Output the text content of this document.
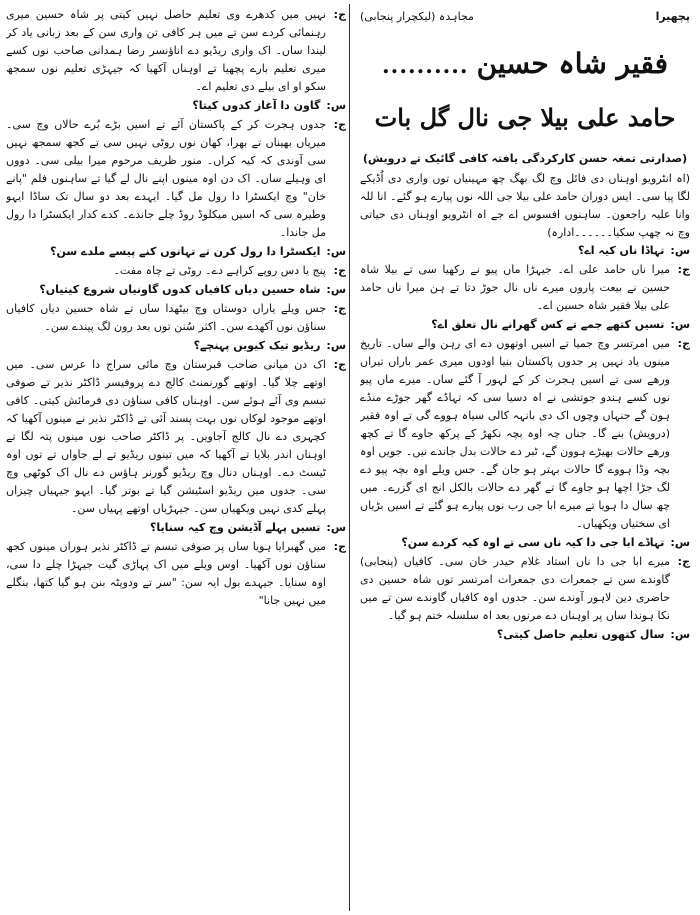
پچھیرا
مجاہدہ (لیکچرار پنجابی)
فقیر شاہ حسین..........
حامد علی بیلا جی نال گل بات
(صدارتی تمغہ حسن کارکردگی یافتہ کافی گائیک تے درویش)
(اہ انٹرویو اوہناں دی فائل وچ لگ بھگ چھ مہینیاں توں واری دی اُڈیکے لگا پیا سی۔ ایس دوران حامد علی بیلا جی اللہ نوں پیارے ہو گئے۔ انا للہ وانا علیہ راجعون۔ ساہنوں افسوس اے جے اہ انٹرویو اوہناں دی حیاتی وچ نہ چھپ سکیا۔۔۔۔۔۔ادارہ)

س:
تہاڈا ناں کیہ اے؟

ج:
میرا ناں حامد علی اے۔ جیہڑا ماں پیو نے رکھیا سی تے بیلا شاہ حسین نے بیعت پاروں میرے ناں نال جوڑ دتا تے ہن میرا ناں حامد علی بیلا فقیر شاہ حسین اے۔

س:
تسیں کتھے جمے تے کس گھرانے نال تعلق اے؟

ج:
میں امرتسر وچ جمیا تے اسیں اوتھوں دے ای رہن والے ساں۔ تاریخ مینوں یاد نہیں پر جدوں پاکستان بنیا اودوں میری عمر باراں تیراں ورھے سی تے اسیں ہجرت کر کے لہور آ گئے ساں۔ میرے ماں پیو نوں کسے ہندو جوتشی نے اہ دسیا سی کہ تہاڈے گھر جوڑے منڈے ہون گے جنہاں وچوں اک دی بانہہ کالی سیاہ ہووے گی تے اوہ فقیر (درویش) بنے گا۔ جناں چہ اوہ بچہ نکھڑ کے پرکھ جاوے گا تے کچھ ورھے حالات بھیڑے ہوون گے، ٹبر دے حالات بدل جاندے نیں۔ جویں اوہ بچہ وڈا ہووے گا حالات بہتر ہو جان گے۔ جس ویلے اوہ بچہ پیو دے لگ جڑا اچھا ہو جاوے گا تے گھر دے حالات بالکل انج ای گزرے۔ میں چھ سال دا ہویا تے میرے ابا جی رب نوں پیارے ہو گئے تے اسیں بڑیاں ای سختیاں ویکھیاں۔

س:
تہاڈے ابا جی دا کیہ ناں سی تے اوہ کیہ کردے سن؟

ج:
میرے ابا جی دا ناں استاد غلام حیدر خان سی۔ کافیاں (پنجابی) گاوندے سن تے جمعرات دی جمعرات امرتسر توں شاہ حسین دی حاضری دین لاہور آوندے سن۔ جدوں اوہ کافیاں گاوندے سن تے میں نکا ہوندا ساں پر اوہناں دے مرنوں بعد اہ سلسلہ ختم ہو گیا۔

س:
سال کتھوں تعلیم حاصل کیتی؟

ج:
نہیں میں کدھرے وی تعلیم حاصل نہیں کیتی پر شاہ حسین میری رہنمائی کردے سن تے میں ہر کافی تن واری سن کے بعد زبانی یاد کر لیندا ساں۔ اک واری ریڈیو دے اناؤنسر رضا ہمدانی صاحب نوں کسے میری تعلیم بارے پچھیا تے اوہناں آکھیا کہ جیہڑی تعلیم نوں سمجھ سکو او ای بیلے دی تعلیم اے۔

س:
گاون دا آغاز کدوں کیتا؟

ج:
جدوں ہجرت کر کے پاکستان آئے تے اسیں بڑے بُرے حالاں وچ سی۔ میریاں بھیناں تے بھرا، کھان نوں روٹی نہیں سی تے کجھ سمجھ نہیں سی آوندی کہ کیہ کراں۔ منور ظریف مرحوم میرا بیلی سی۔ دووں ای وہیلے ساں۔ اک دن اوہ مینوں اپنے نال لے گیا تے ساہنوں فلم "پانے خان" وچ ایکسٹرا دا رول مل گیا۔ ایہدے بعد دو سال تک ساڈا ایہو وطیرہ سی کہ اسیں میکلوڈ روڈ چلے جاندے۔ کدے کدار ایکسٹرا دا رول مل جاندا۔

س:
ایکسٹرا دا رول کرن تے تہانوں کنے پیسے ملدے سن؟

ج:
پنج یا دس روپے کراہے دے۔ روٹی تے چاہ مفت۔

س:
شاہ حسین دیاں کافیاں کدوں گاونیاں شروع کیتیاں؟

ج:
جس ویلے یاراں دوستاں وچ بیٹھدا ساں تے شاہ حسین دیاں کافیاں سناؤن نوں آکھدے سن۔ اکثر سُنن توں بعد رون لگ پیندے سن۔

س:
ریڈیو تیک کیویں پہنچے؟

ج:
اک دن میانی صاحب قبرستان وچ مائی سراج دا عرس سی۔ میں اوتھے چلا گیا۔ اوتھے گورنمنٹ کالج دے پروفیسر ڈاکٹر نذیر تے صوفی تبسم وی آئے ہوئے سن۔ اوہناں کافی سناؤن دی فرمائش کیتی۔ کافی اوتھے موجود لوکاں نوں بہت پسند آئی تے ڈاکٹر نذیر نے مینوں آکھیا کہ کچہری دے نال کالج آجاویں۔ پر ڈاکٹر صاحب نوں مینوں پتہ لگا تے اوہناں اندر بلایا تے آکھیا کہ میں تینوں ریڈیو تے لے جاواں تے توں اوہ ٹیسٹ دے۔ اوہناں دنال وچ ریڈیو گورنر ہاؤس دے نال اک کوٹھی وچ سی۔ جدوں میں ریڈیو اسٹیشن گیا تے بوتر گیا۔ ایہو جیہیاں چیزاں پہلے کدی نہیں ویکھیاں سن۔ جیہڑیاں اوتھے پہیاں سن۔

س:
تسیں پہلے آڈیشن وچ کیہ سنایا؟

ج:
میں گھبرایا ہویا ساں پر صوفی تبسم تے ڈاکٹر نذیر ہوراں مینوں کجھ سناؤن نوں آکھیا۔ اوس ویلے میں اک پہاڑی گیت جیہڑا چلے دا سی، اوہ سنایا۔ جیہدے بول ایہ سن: "سر تے ودوپٹہ بنن ہو گیا کتھا، بنگلے میں نہیں جانا"
